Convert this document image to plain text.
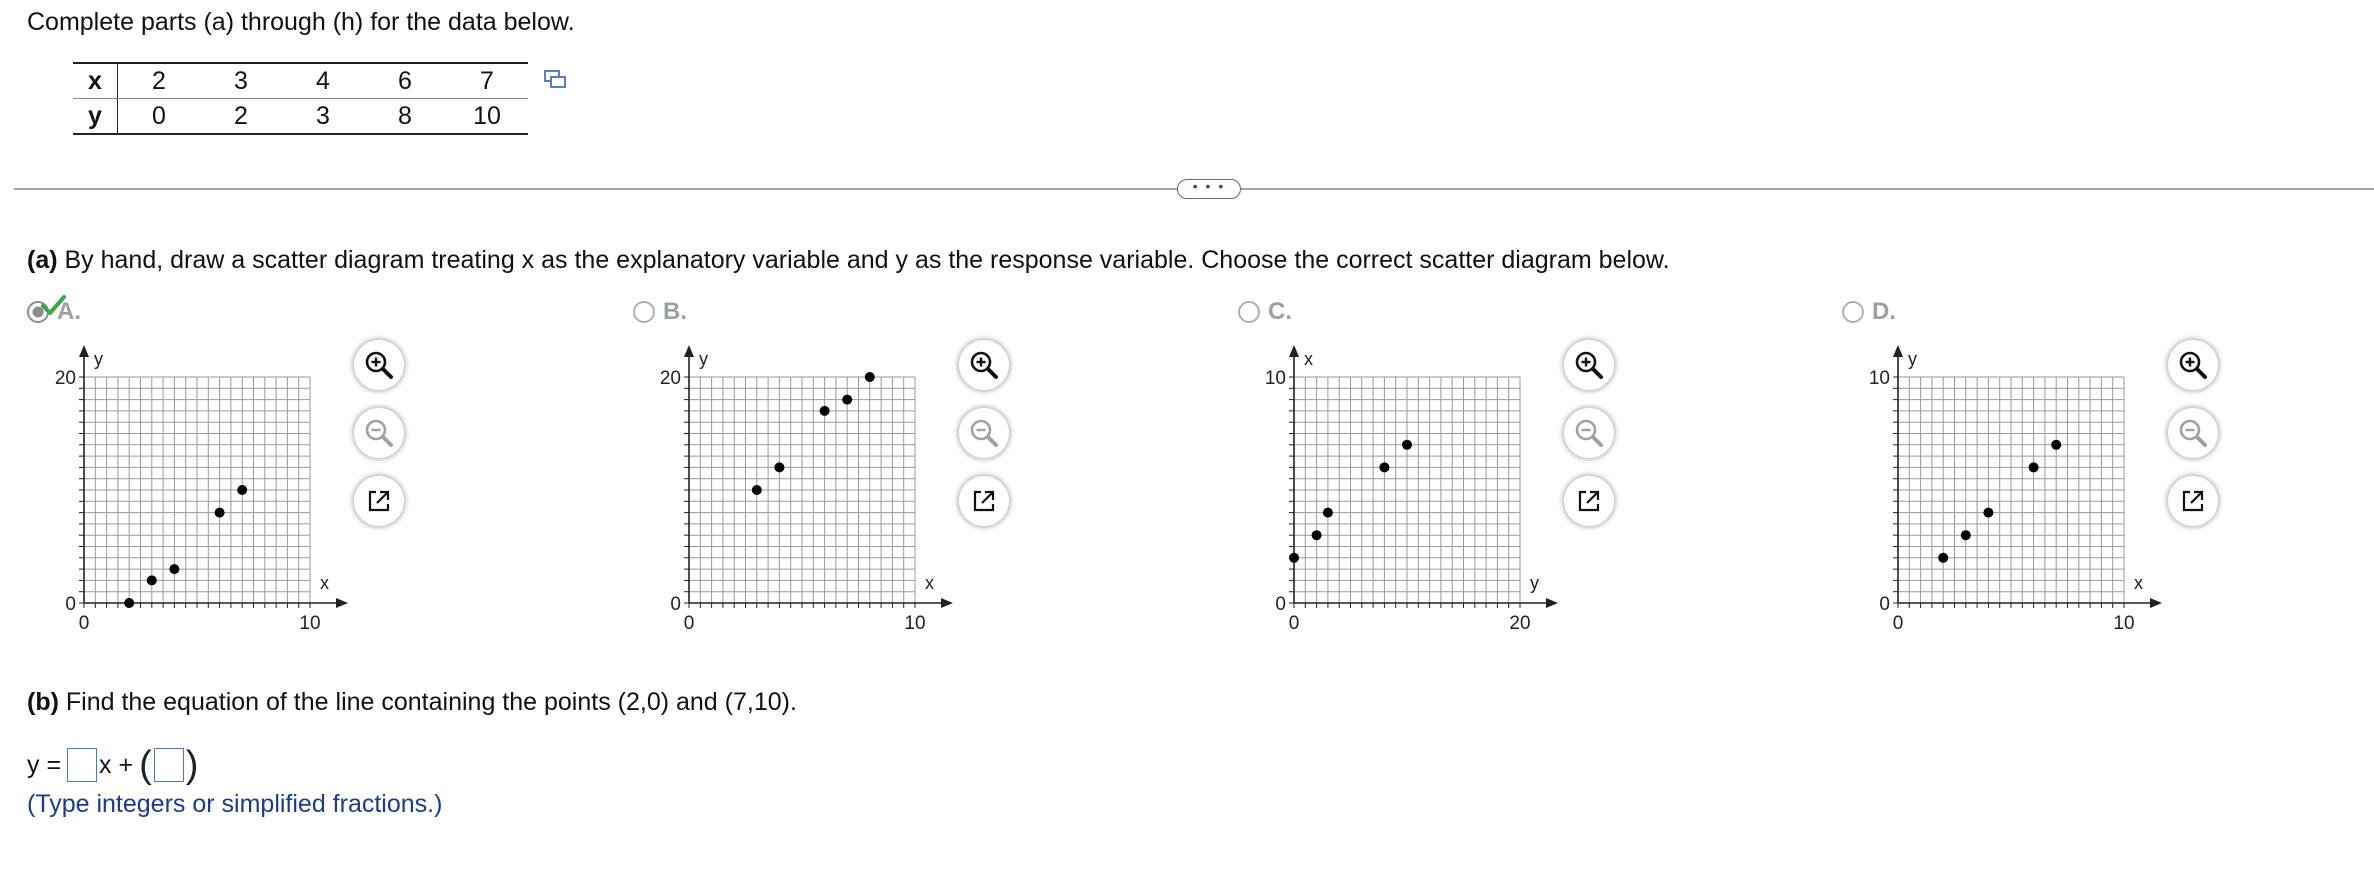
Complete parts (a) through (h) for the data below.
x	2	3	4	6	7
y	0	2	3	8	10
• • •
(a) By hand, draw a scatter diagram treating x as the explanatory variable and y as the response variable. Choose the correct scatter diagram below.
A.	B.	C.	D.
x
y
0	10
0
20
x
y
0	10
0
20
y
x
0	20
0
10
x
y
0	10
0
10
(b) Find the equation of the line containing the points (2,0) and (7,10).
y = x + ( )
(Type integers or simplified fractions.)
